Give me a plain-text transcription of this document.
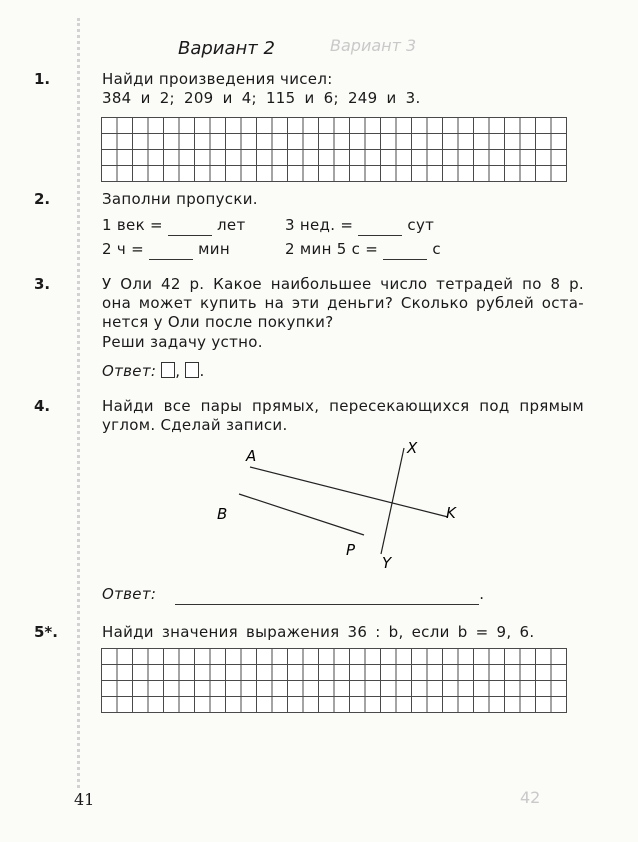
Вариант 3
42
Вариант 2
1.	Найди произведения чисел:
384 и 2; 209 и 4; 115 и 6; 249 и 3.
2.	Заполни пропуски.
1 век =	лет	3 нед. =	сут
2 ч =	мин	2 мин 5 с =	с
3.	У Оли 42 р. Какое наибольшее число тетрадей по 8 р.
она может купить на эти деньги? Сколько рублей оста-
нется у Оли после покупки?
Реши задачу устно.
Ответ: , .
4.	Найди все пары прямых, пересекающихся под прямым
углом. Сделай записи.
A
B
X
Y
P
K
Ответ:	.
5*.	Найди значения выражения 36 : b, если b = 9, 6.
41
